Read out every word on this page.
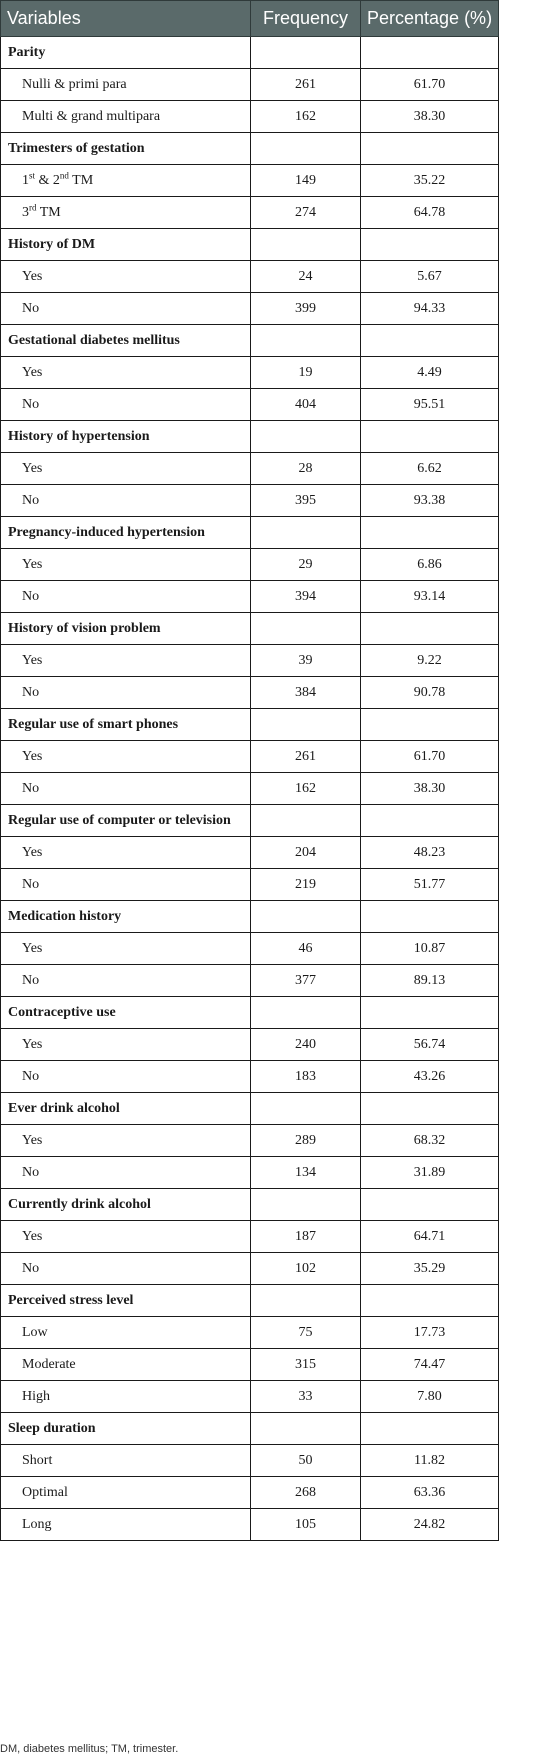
Variables	Frequency	Percentage (%)
Parity		
Nulli & primi para	261	61.70
Multi & grand multipara	162	38.30
Trimesters of gestation		
1st & 2nd TM	149	35.22
3rd TM	274	64.78
History of DM		
Yes	24	5.67
No	399	94.33
Gestational diabetes mellitus		
Yes	19	4.49
No	404	95.51
History of hypertension		
Yes	28	6.62
No	395	93.38
Pregnancy-induced hypertension		
Yes	29	6.86
No	394	93.14
History of vision problem		
Yes	39	9.22
No	384	90.78
Regular use of smart phones		
Yes	261	61.70
No	162	38.30
Regular use of computer or television		
Yes	204	48.23
No	219	51.77
Medication history		
Yes	46	10.87
No	377	89.13
Contraceptive use		
Yes	240	56.74
No	183	43.26
Ever drink alcohol		
Yes	289	68.32
No	134	31.89
Currently drink alcohol		
Yes	187	64.71
No	102	35.29
Perceived stress level		
Low	75	17.73
Moderate	315	74.47
High	33	7.80
Sleep duration		
Short	50	11.82
Optimal	268	63.36
Long	105	24.82
DM, diabetes mellitus; TM, trimester.
